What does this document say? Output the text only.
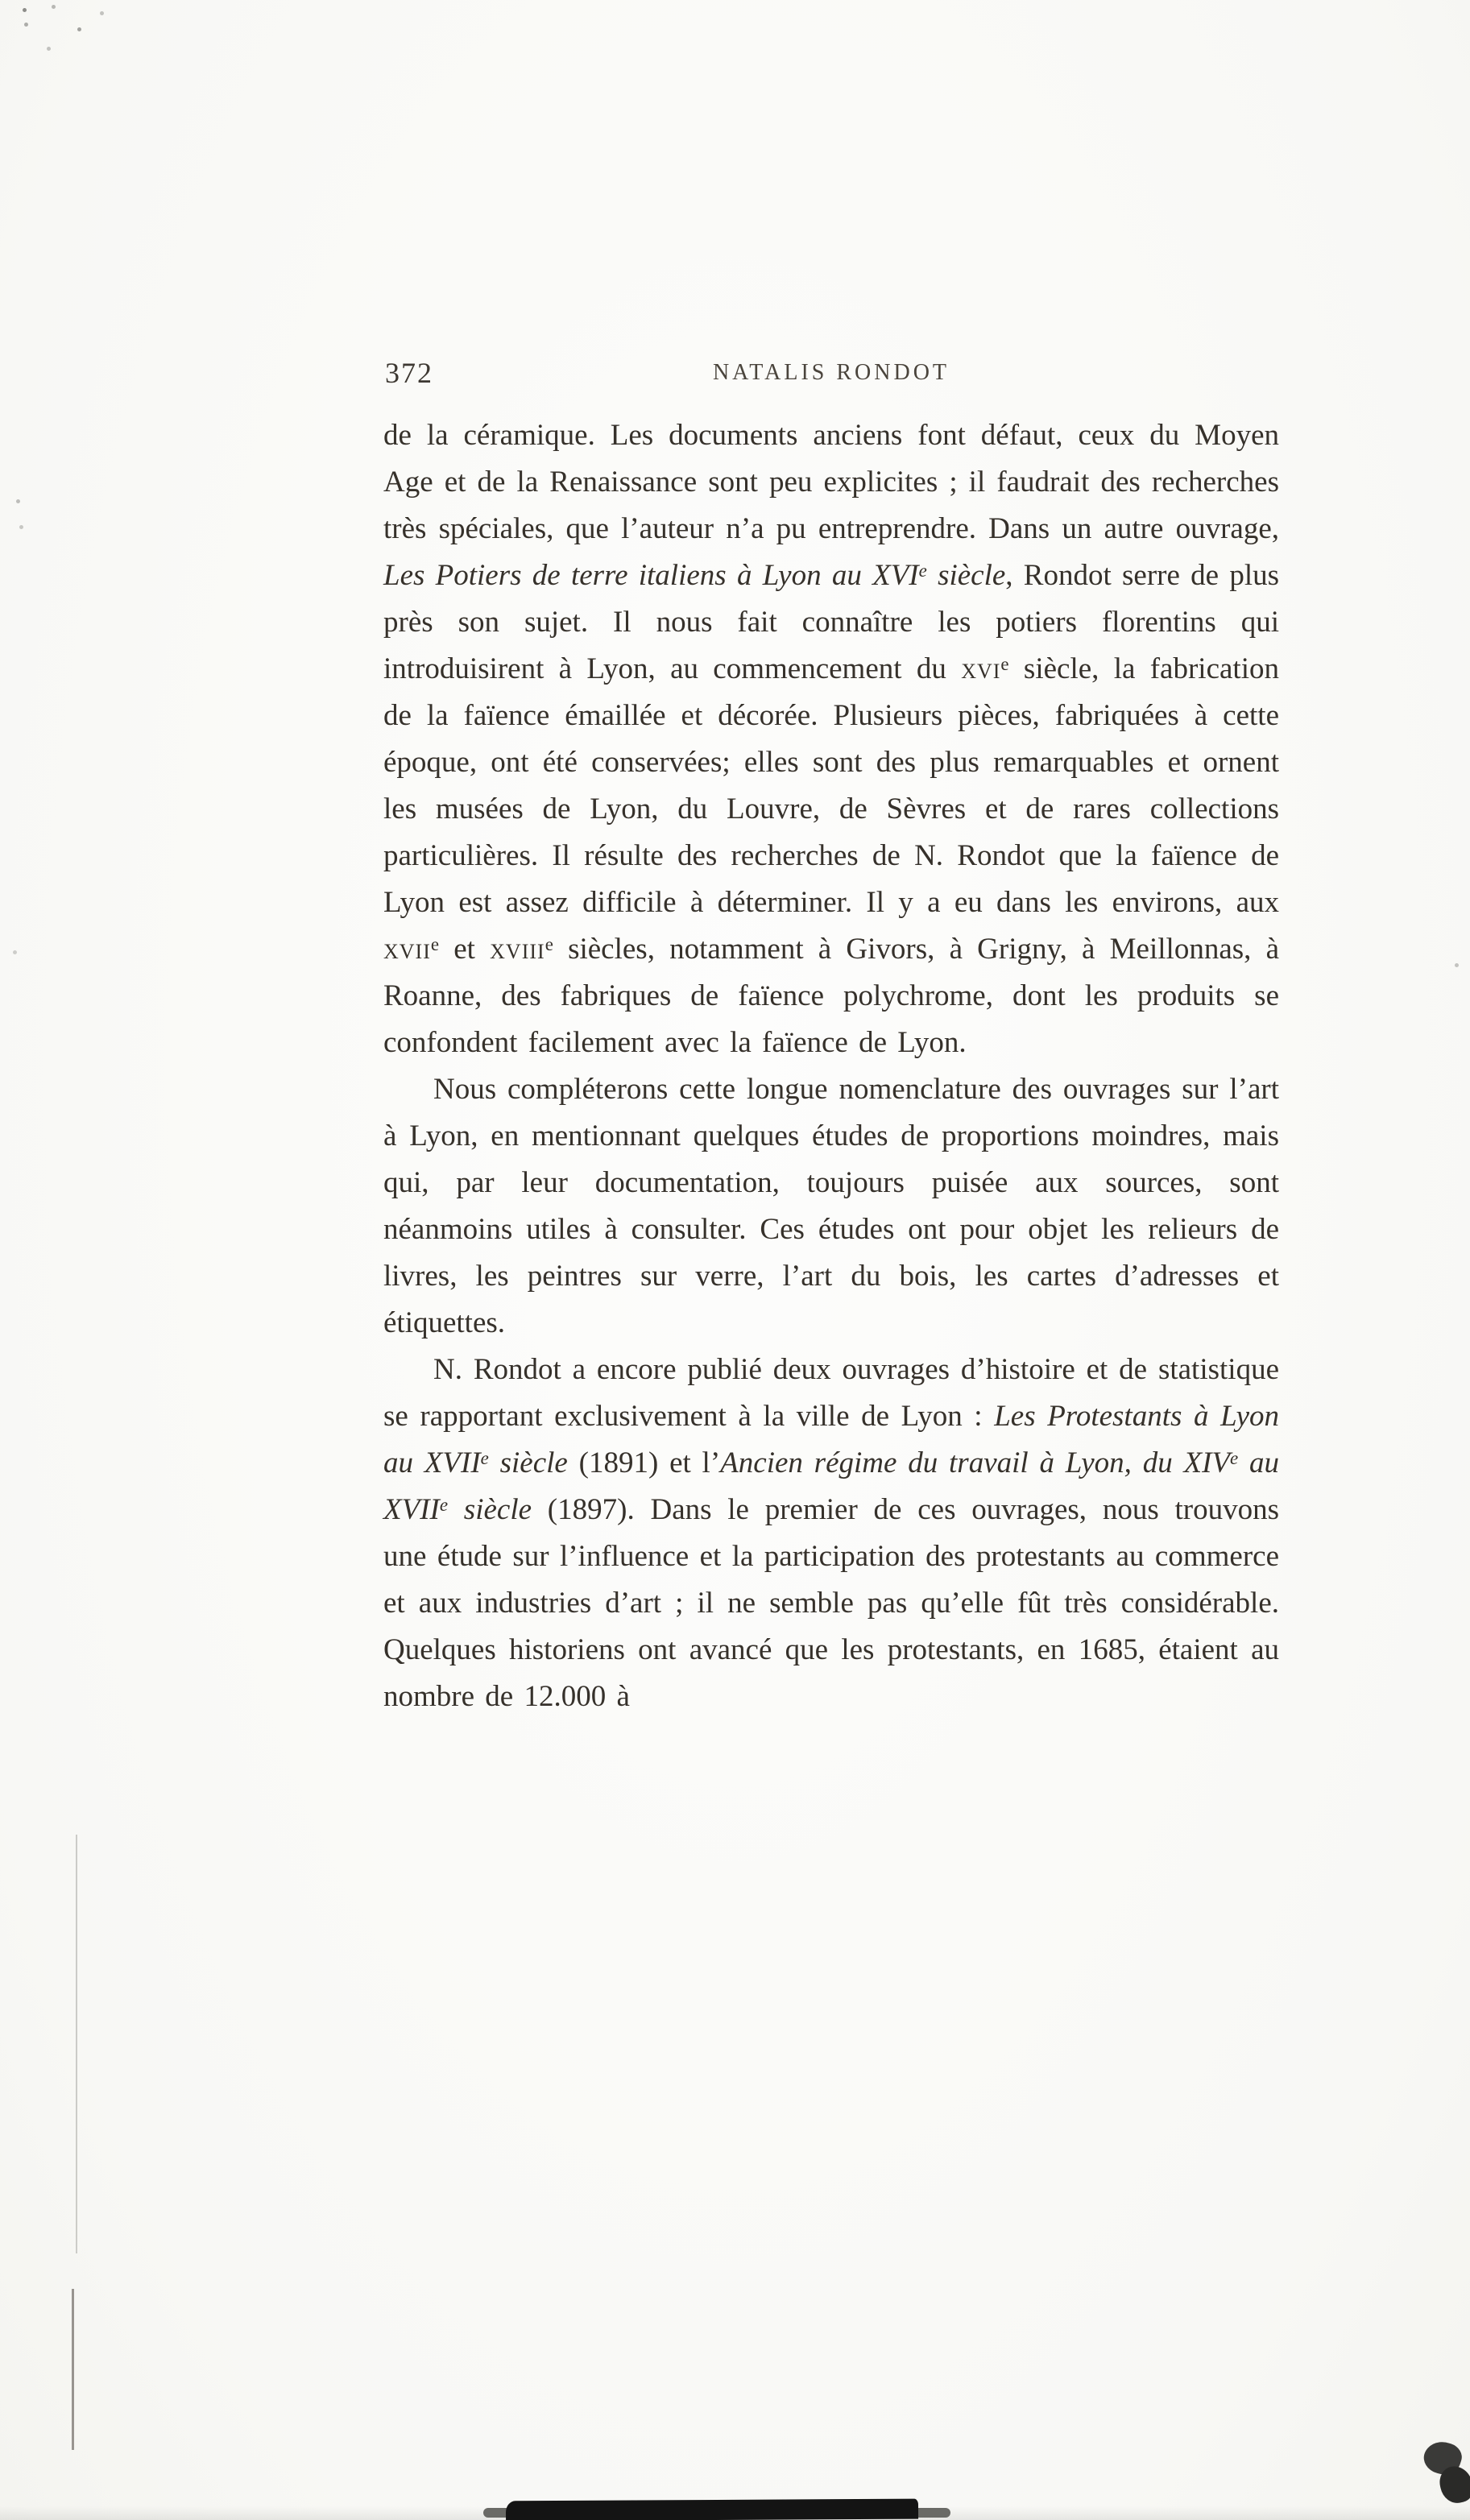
372	NATALIS RONDOT

de la céramique. Les documents anciens font défaut, ceux du Moyen Age et de la Renaissance sont peu explicites ; il faudrait des recherches très spéciales, que l’auteur n’a pu entreprendre. Dans un autre ouvrage, Les Potiers de terre italiens à Lyon au XVIe siècle, Rondot serre de plus près son sujet. Il nous fait connaître les potiers florentins qui introduisirent à Lyon, au commencement du xvi$^e$ siècle, la fabrication de la faïence émaillée et décorée. Plusieurs pièces, fabriquées à cette époque, ont été conservées; elles sont des plus remarquables et ornent les musées de Lyon, du Louvre, de Sèvres et de rares collections particulières. Il résulte des recherches de N. Rondot que la faïence de Lyon est assez difficile à déterminer. Il y a eu dans les environs, aux xvii$^e$ et xviii$^e$ siècles, notamment à Givors, à Grigny, à Meillonnas, à Roanne, des fabriques de faïence polychrome, dont les produits se confondent facilement avec la faïence de Lyon.

Nous compléterons cette longue nomenclature des ouvrages sur l’art à Lyon, en mentionnant quelques études de proportions moindres, mais qui, par leur documentation, toujours puisée aux sources, sont néanmoins utiles à consulter. Ces études ont pour objet les relieurs de livres, les peintres sur verre, l’art du bois, les cartes d’adresses et étiquettes.

N. Rondot a encore publié deux ouvrages d’histoire et de statistique se rapportant exclusivement à la ville de Lyon : Les Protestants à Lyon au XVIIe siècle (1891) et l’Ancien régime du travail à Lyon, du XIVe au XVIIe siècle (1897). Dans le premier de ces ouvrages, nous trouvons une étude sur l’influence et la participation des protestants au commerce et aux industries d’art ; il ne semble pas qu’elle fût très considérable. Quelques historiens ont avancé que les protestants, en 1685, étaient au nombre de 12.000 à
